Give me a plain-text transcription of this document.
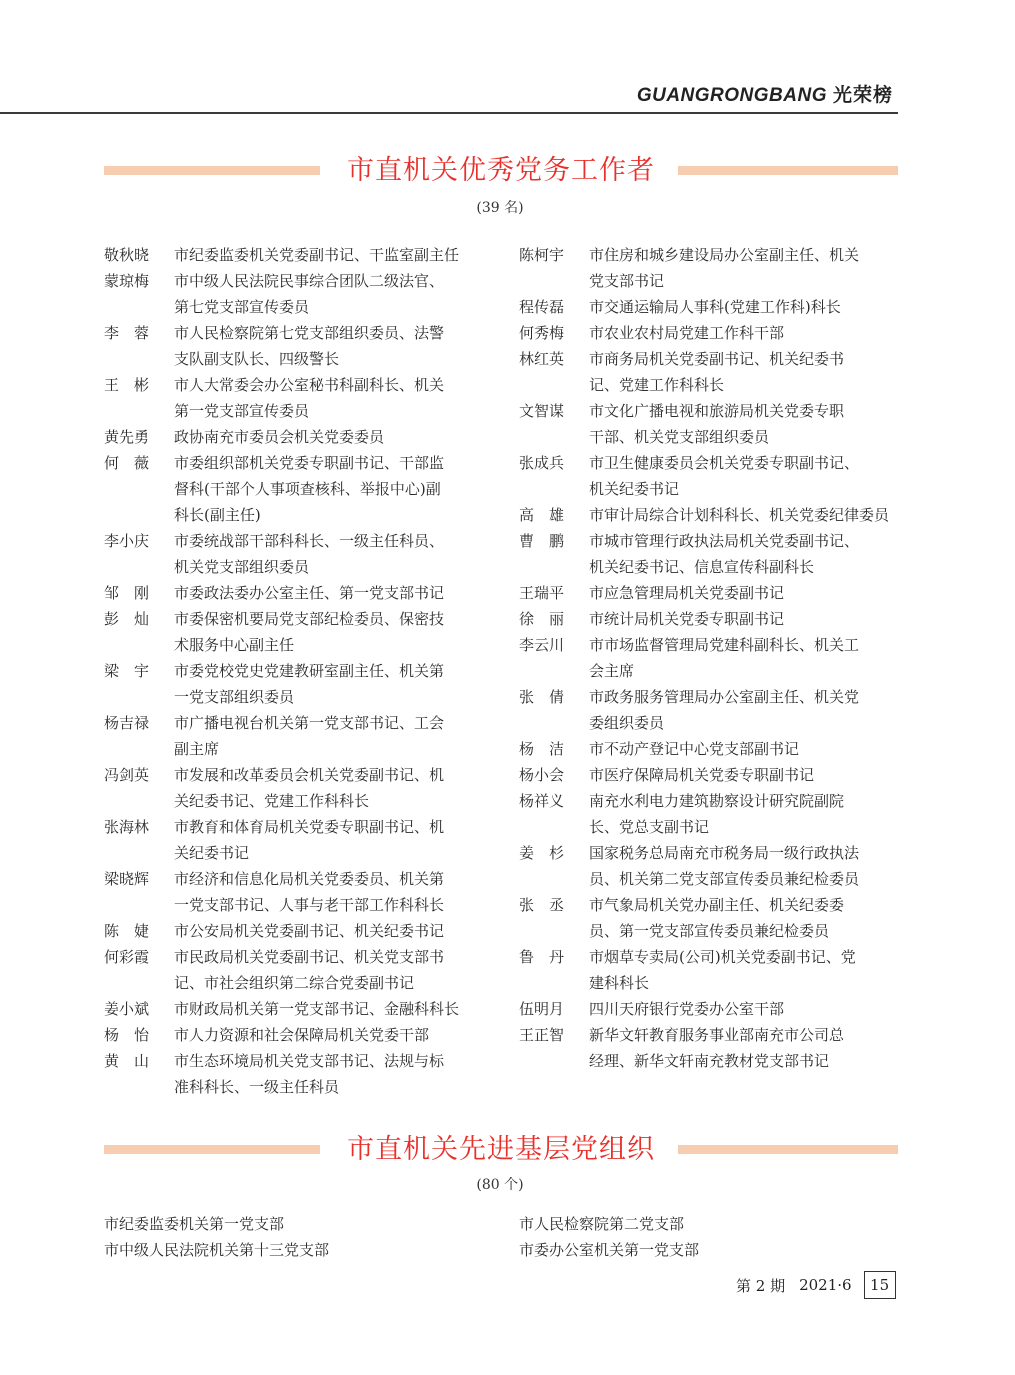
GUANGRONGBANG 光荣榜
市直机关优秀党务工作者
(39 名)
敬秋晓	市纪委监委机关党委副书记、干监室副主任
蒙琼梅	市中级人民法院民事综合团队二级法官、
第七党支部宣传委员
李蓉 市人民检察院第七党支部组织委员、法警
支队副支队长、四级警长
王彬 市人大常委会办公室秘书科副科长、机关
第一党支部宣传委员
黄先勇	政协南充市委员会机关党委委员
何薇 市委组织部机关党委专职副书记、干部监
督科(干部个人事项查核科、举报中心)副
科长(副主任)
李小庆	市委统战部干部科科长、一级主任科员、
机关党支部组织委员
邹刚 市委政法委办公室主任、第一党支部书记
彭灿 市委保密机要局党支部纪检委员、保密技
术服务中心副主任
梁宇 市委党校党史党建教研室副主任、机关第
一党支部组织委员
杨吉禄	市广播电视台机关第一党支部书记、工会
副主席
冯剑英	市发展和改革委员会机关党委副书记、机
关纪委书记、党建工作科科长
张海林	市教育和体育局机关党委专职副书记、机
关纪委书记
梁晓辉	市经济和信息化局机关党委委员、机关第
一党支部书记、人事与老干部工作科科长
陈婕 市公安局机关党委副书记、机关纪委书记
何彩霞	市民政局机关党委副书记、机关党支部书
记、市社会组织第二综合党委副书记
姜小斌	市财政局机关第一党支部书记、金融科科长
杨怡 市人力资源和社会保障局机关党委干部
黄山 市生态环境局机关党支部书记、法规与标
准科科长、一级主任科员
陈柯宇	市住房和城乡建设局办公室副主任、机关
党支部书记
程传磊	市交通运输局人事科(党建工作科)科长
何秀梅	市农业农村局党建工作科干部
林红英	市商务局机关党委副书记、机关纪委书
记、党建工作科科长
文智谋	市文化广播电视和旅游局机关党委专职
干部、机关党支部组织委员
张成兵	市卫生健康委员会机关党委专职副书记、
机关纪委书记
高雄 市审计局综合计划科科长、机关党委纪律委员
曹鹏 市城市管理行政执法局机关党委副书记、
机关纪委书记、信息宣传科副科长
王瑞平	市应急管理局机关党委副书记
徐丽 市统计局机关党委专职副书记
李云川	市市场监督管理局党建科副科长、机关工
会主席
张倩 市政务服务管理局办公室副主任、机关党
委组织委员
杨洁 市不动产登记中心党支部副书记
杨小会	市医疗保障局机关党委专职副书记
杨祥义	南充水利电力建筑勘察设计研究院副院
长、党总支副书记
姜杉 国家税务总局南充市税务局一级行政执法
员、机关第二党支部宣传委员兼纪检委员
张丞 市气象局机关党办副主任、机关纪委委
员、第一党支部宣传委员兼纪检委员
鲁丹 市烟草专卖局(公司)机关党委副书记、党
建科科长
伍明月	四川天府银行党委办公室干部
王正智	新华文轩教育服务事业部南充市公司总
经理、新华文轩南充教材党支部书记
市直机关先进基层党组织
(80 个)
市纪委监委机关第一党支部
市中级人民法院机关第十三党支部
市人民检察院第二党支部
市委办公室机关第一党支部
第 2 期 2021·6	15
